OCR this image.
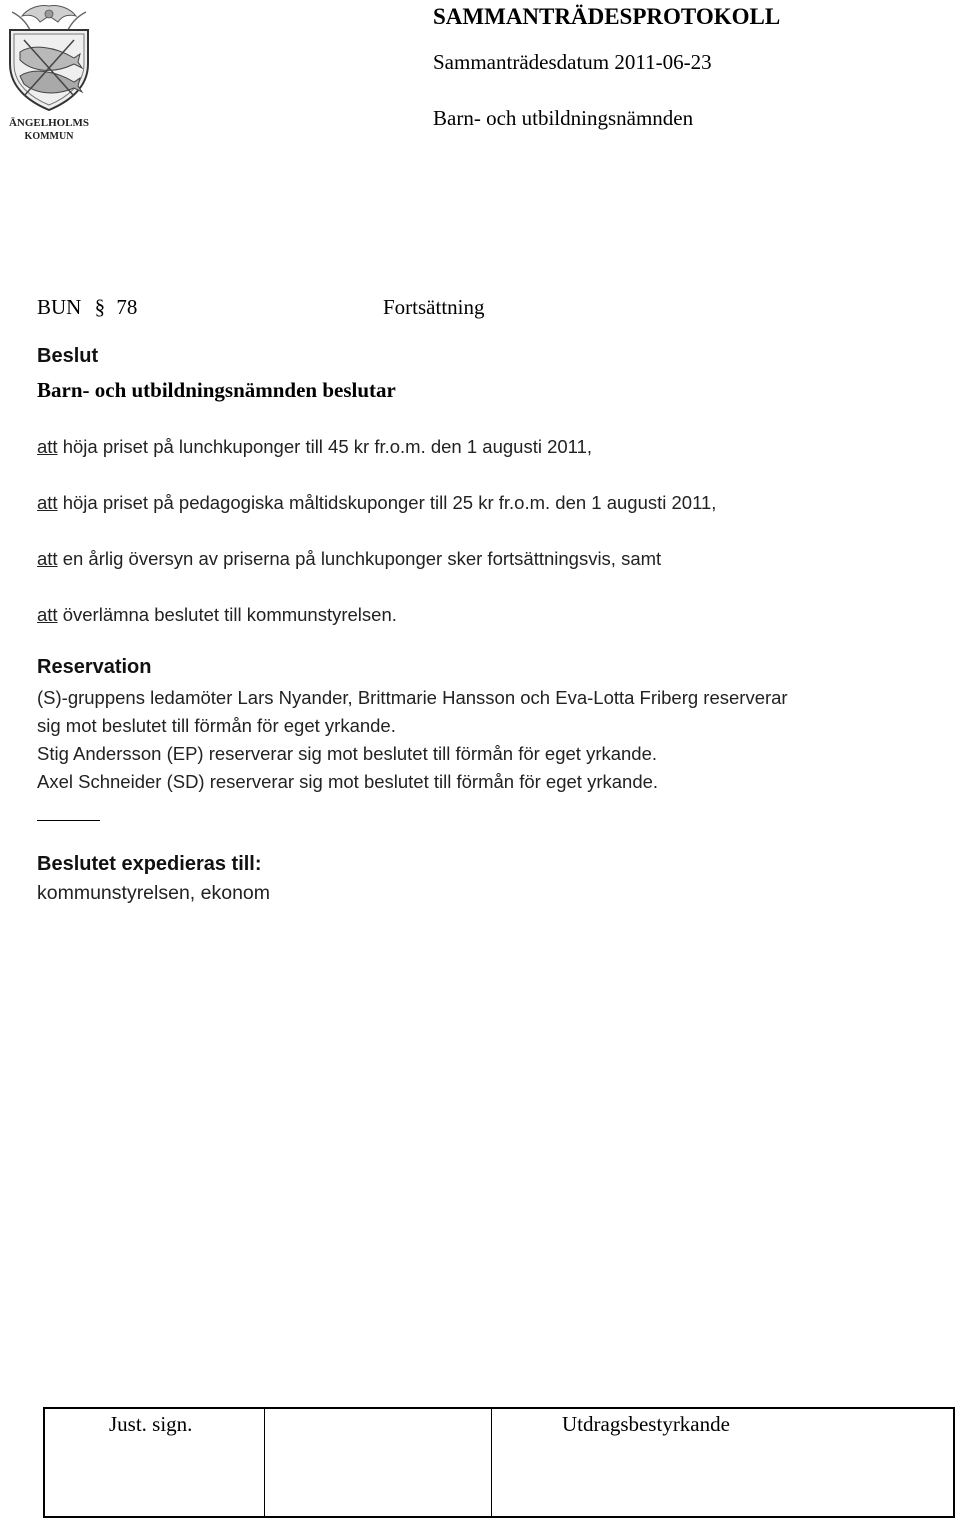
ÄNGELHOLMS
KOMMUN
SAMMANTRÄDESPROTOKOLL
Sammanträdesdatum 2011-06-23
Barn- och utbildningsnämnden
BUN § 78	Fortsättning
Beslut
Barn- och utbildningsnämnden beslutar
att höja priset på lunchkuponger till 45 kr fr.o.m. den 1 augusti 2011,
att höja priset på pedagogiska måltidskuponger till 25 kr fr.o.m. den 1 augusti 2011,
att en årlig översyn av priserna på lunchkuponger sker fortsättningsvis, samt
att överlämna beslutet till kommunstyrelsen.
Reservation
(S)-gruppens ledamöter Lars Nyander, Brittmarie Hansson och Eva-Lotta Friberg reserverar
sig mot beslutet till förmån för eget yrkande.
Stig Andersson (EP) reserverar sig mot beslutet till förmån för eget yrkande.
Axel Schneider (SD) reserverar sig mot beslutet till förmån för eget yrkande.
Beslutet expedieras till:
kommunstyrelsen, ekonom
Just. sign.	Utdragsbestyrkande
